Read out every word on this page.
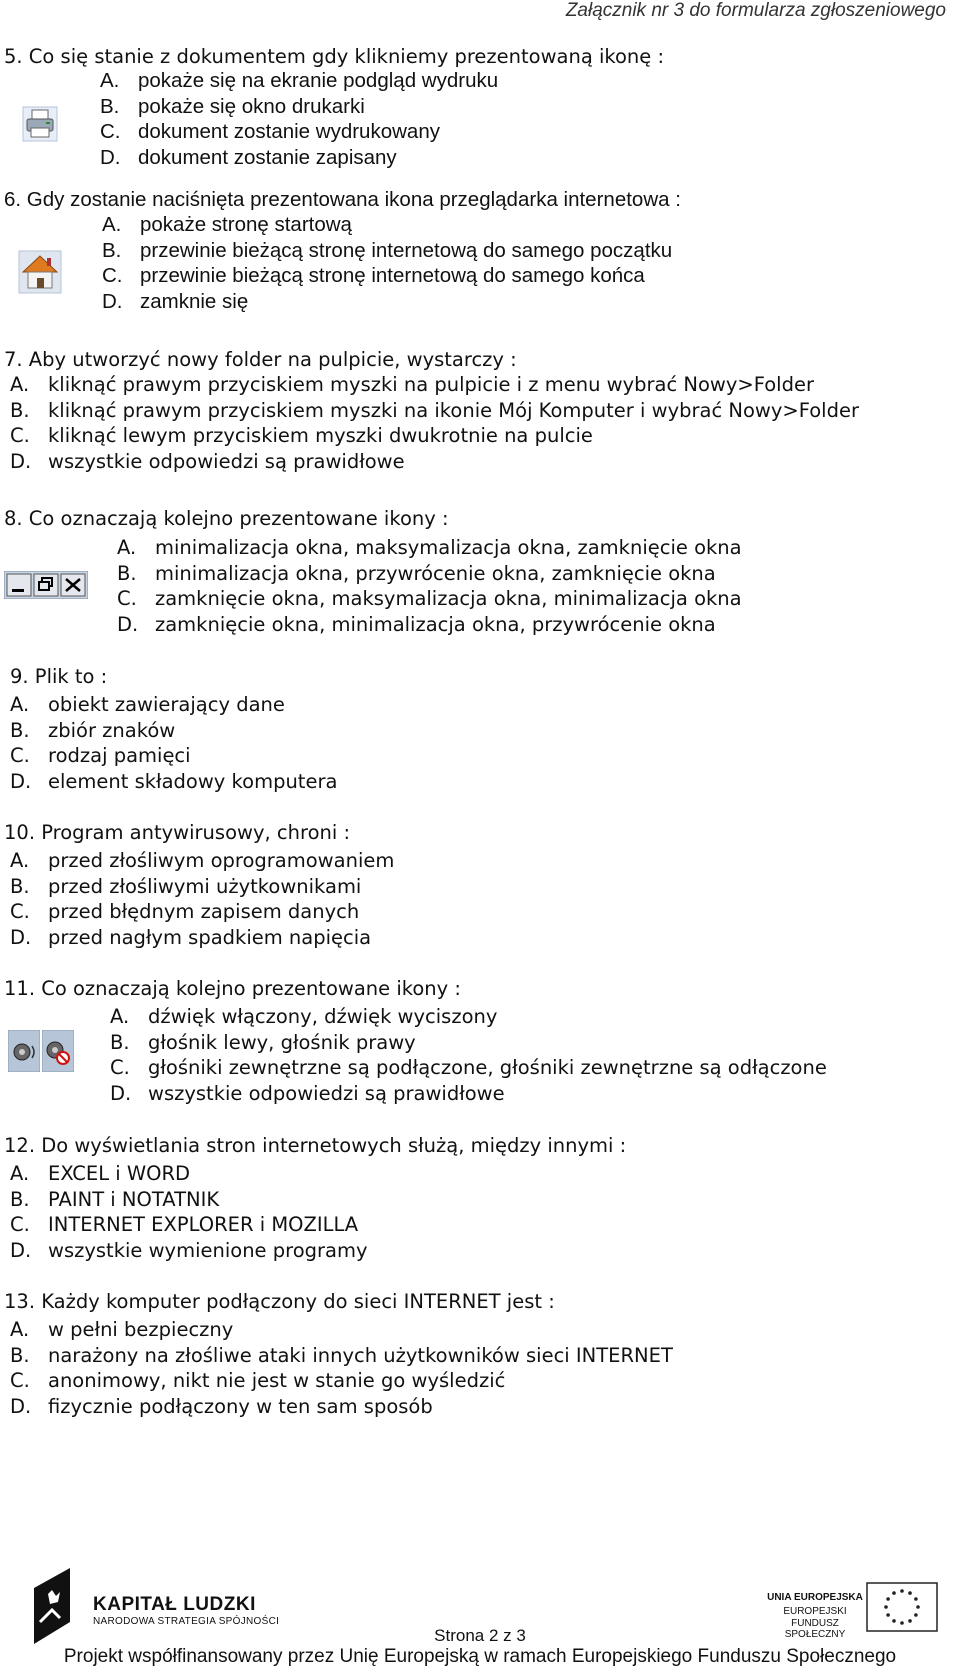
Załącznik nr 3 do formularza zgłoszeniowego
5. Co się stanie z dokumentem gdy klikniemy prezentowaną ikonę :
A. pokaże się na ekranie podgląd wydruku
B. pokaże się okno drukarki
C. dokument zostanie wydrukowany
D. dokument zostanie zapisany
6. Gdy zostanie naciśnięta prezentowana ikona przeglądarka internetowa :
A. pokaże stronę startową
B. przewinie bieżącą stronę internetową do samego początku
C. przewinie bieżącą stronę internetową do samego końca
D. zamknie się
7. Aby utworzyć nowy folder na pulpicie, wystarczy :
A. kliknąć prawym przyciskiem myszki na pulpicie i z menu wybrać Nowy>Folder
B. kliknąć prawym przyciskiem myszki na ikonie Mój Komputer i wybrać Nowy>Folder
C. kliknąć lewym przyciskiem myszki dwukrotnie na pulcie
D. wszystkie odpowiedzi są prawidłowe
8. Co oznaczają kolejno prezentowane ikony :
A. minimalizacja okna, maksymalizacja okna, zamknięcie okna
B. minimalizacja okna, przywrócenie okna, zamknięcie okna
C. zamknięcie okna, maksymalizacja okna, minimalizacja okna
D. zamknięcie okna, minimalizacja okna, przywrócenie okna
9. Plik to :
A. obiekt zawierający dane
B. zbiór znaków
C. rodzaj pamięci
D. element składowy komputera
10. Program antywirusowy, chroni :
A. przed złośliwym oprogramowaniem
B. przed złośliwymi użytkownikami
C. przed błędnym zapisem danych
D. przed nagłym spadkiem napięcia
11. Co oznaczają kolejno prezentowane ikony :
A. dźwięk włączony, dźwięk wyciszony
B. głośnik lewy, głośnik prawy
C. głośniki zewnętrzne są podłączone, głośniki zewnętrzne są odłączone
D. wszystkie odpowiedzi są prawidłowe
12. Do wyświetlania stron internetowych służą, między innymi :
A. EXCEL i WORD
B. PAINT i NOTATNIK
C. INTERNET EXPLORER i MOZILLA
D. wszystkie wymienione programy
13. Każdy komputer podłączony do sieci INTERNET jest :
A. w pełni bezpieczny
B. narażony na złośliwe ataki innych użytkowników sieci INTERNET
C. anonimowy, nikt nie jest w stanie go wyśledzić
D. fizycznie podłączony w ten sam sposób
KAPITAŁ LUDZKI
NARODOWA STRATEGIA SPÓJNOŚCI
UNIA EUROPEJSKA
EUROPEJSKI
FUNDUSZ SPOŁECZNY
Strona 2 z 3
Projekt współfinansowany przez Unię Europejską w ramach Europejskiego Funduszu Społecznego
